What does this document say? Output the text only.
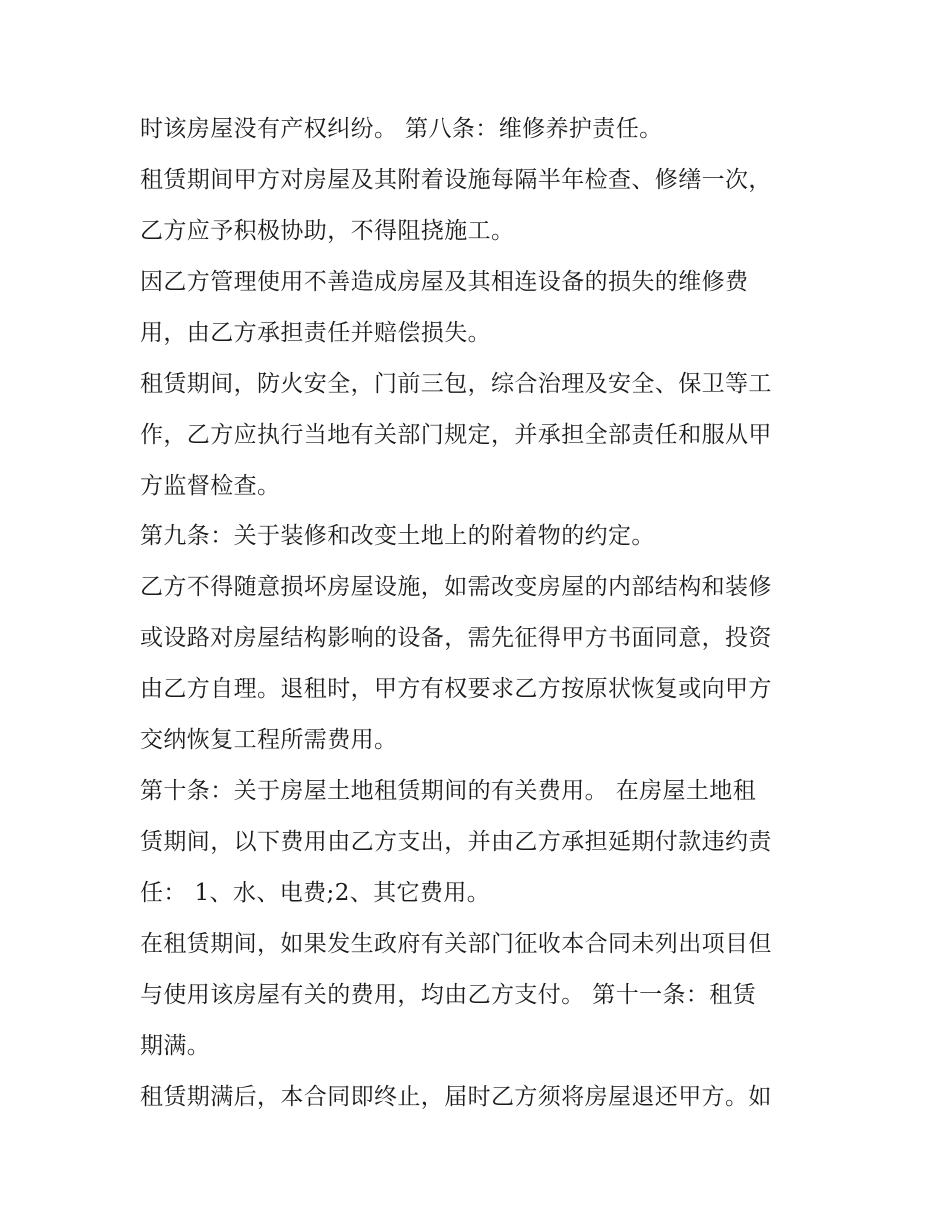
时该房屋没有产权纠纷。 第八条：维修养护责任。
租赁期间甲方对房屋及其附着设施每隔半年检查、修缮一次，
乙方应予积极协助，不得阻挠施工。
因乙方管理使用不善造成房屋及其相连设备的损失的维修费
用，由乙方承担责任并赔偿损失。
租赁期间，防火安全，门前三包，综合治理及安全、保卫等工
作，乙方应执行当地有关部门规定，并承担全部责任和服从甲
方监督检查。
第九条：关于装修和改变土地上的附着物的约定。
乙方不得随意损坏房屋设施，如需改变房屋的内部结构和装修
或设路对房屋结构影响的设备，需先征得甲方书面同意，投资
由乙方自理。退租时，甲方有权要求乙方按原状恢复或向甲方
交纳恢复工程所需费用。
第十条：关于房屋土地租赁期间的有关费用。 在房屋土地租
赁期间，以下费用由乙方支出，并由乙方承担延期付款违约责
任： 1、水、电费;2、其它费用。
在租赁期间，如果发生政府有关部门征收本合同未列出项目但
与使用该房屋有关的费用，均由乙方支付。 第十一条：租赁
期满。
租赁期满后，本合同即终止，届时乙方须将房屋退还甲方。如
